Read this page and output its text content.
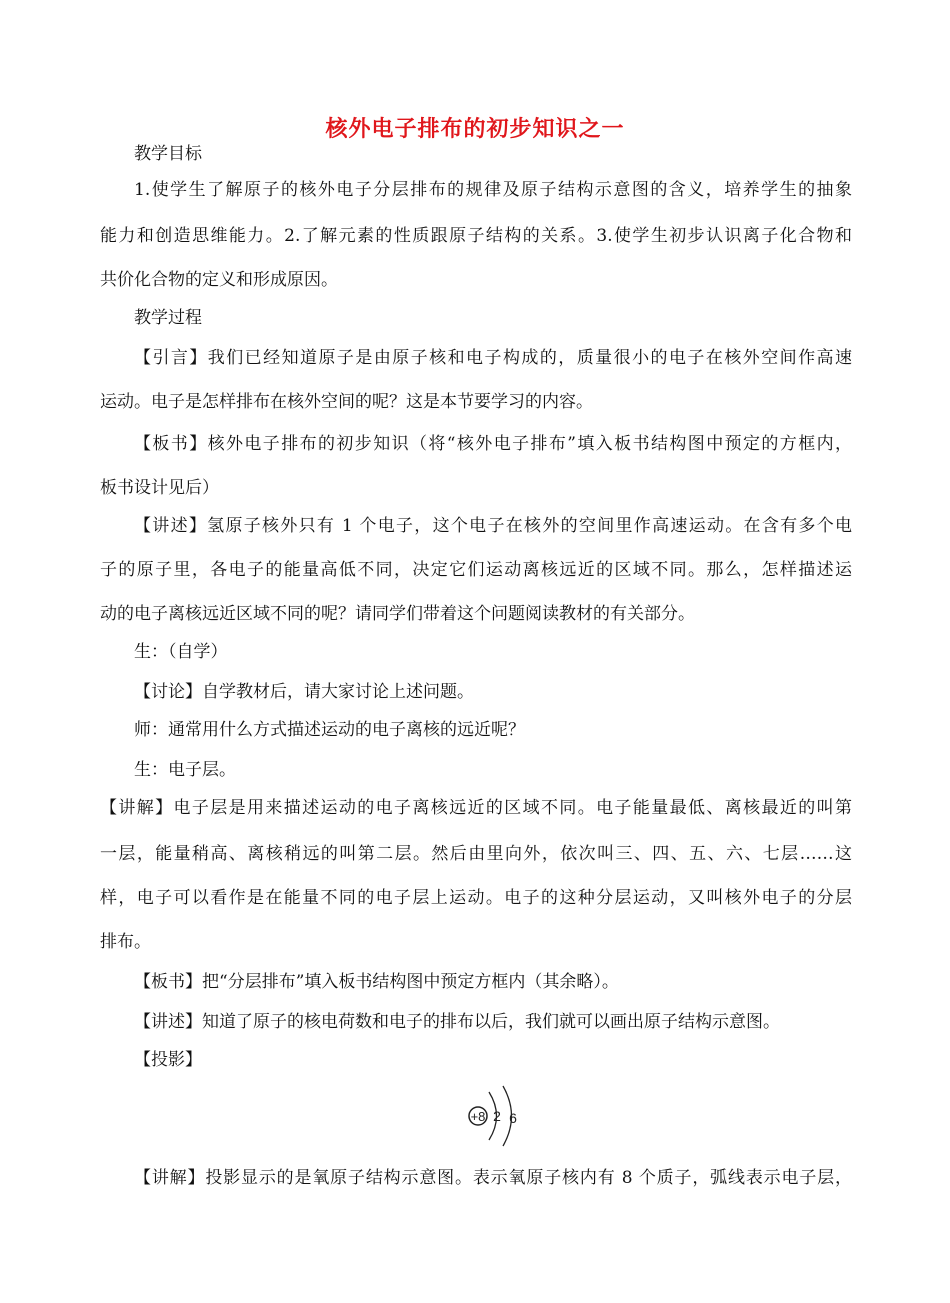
核外电子排布的初步知识之一
教学目标
1.使学生了解原子的核外电子分层排布的规律及原子结构示意图的含义，培养学生的抽象
能力和创造思维能力。2.了解元素的性质跟原子结构的关系。3.使学生初步认识离子化合物和
共价化合物的定义和形成原因。
教学过程
【引言】我们已经知道原子是由原子核和电子构成的，质量很小的电子在核外空间作高速
运动。电子是怎样排布在核外空间的呢？这是本节要学习的内容。
【板书】核外电子排布的初步知识（将“核外电子排布”填入板书结构图中预定的方框内，
板书设计见后）
【讲述】氢原子核外只有 1 个电子，这个电子在核外的空间里作高速运动。在含有多个电
子的原子里，各电子的能量高低不同，决定它们运动离核远近的区域不同。那么，怎样描述运
动的电子离核远近区域不同的呢？请同学们带着这个问题阅读教材的有关部分。
生：（自学）
【讨论】自学教材后，请大家讨论上述问题。
师：通常用什么方式描述运动的电子离核的远近呢？
生：电子层。
【讲解】电子层是用来描述运动的电子离核远近的区域不同。电子能量最低、离核最近的叫第
一层，能量稍高、离核稍远的叫第二层。然后由里向外，依次叫三、四、五、六、七层……这
样，电子可以看作是在能量不同的电子层上运动。电子的这种分层运动，又叫核外电子的分层
排布。
【板书】把“分层排布”填入板书结构图中预定方框内（其余略）。
【讲述】知道了原子的核电荷数和电子的排布以后，我们就可以画出原子结构示意图。
【投影】
+8 2 6
【讲解】投影显示的是氧原子结构示意图。表示氧原子核内有 8 个质子，弧线表示电子层，
